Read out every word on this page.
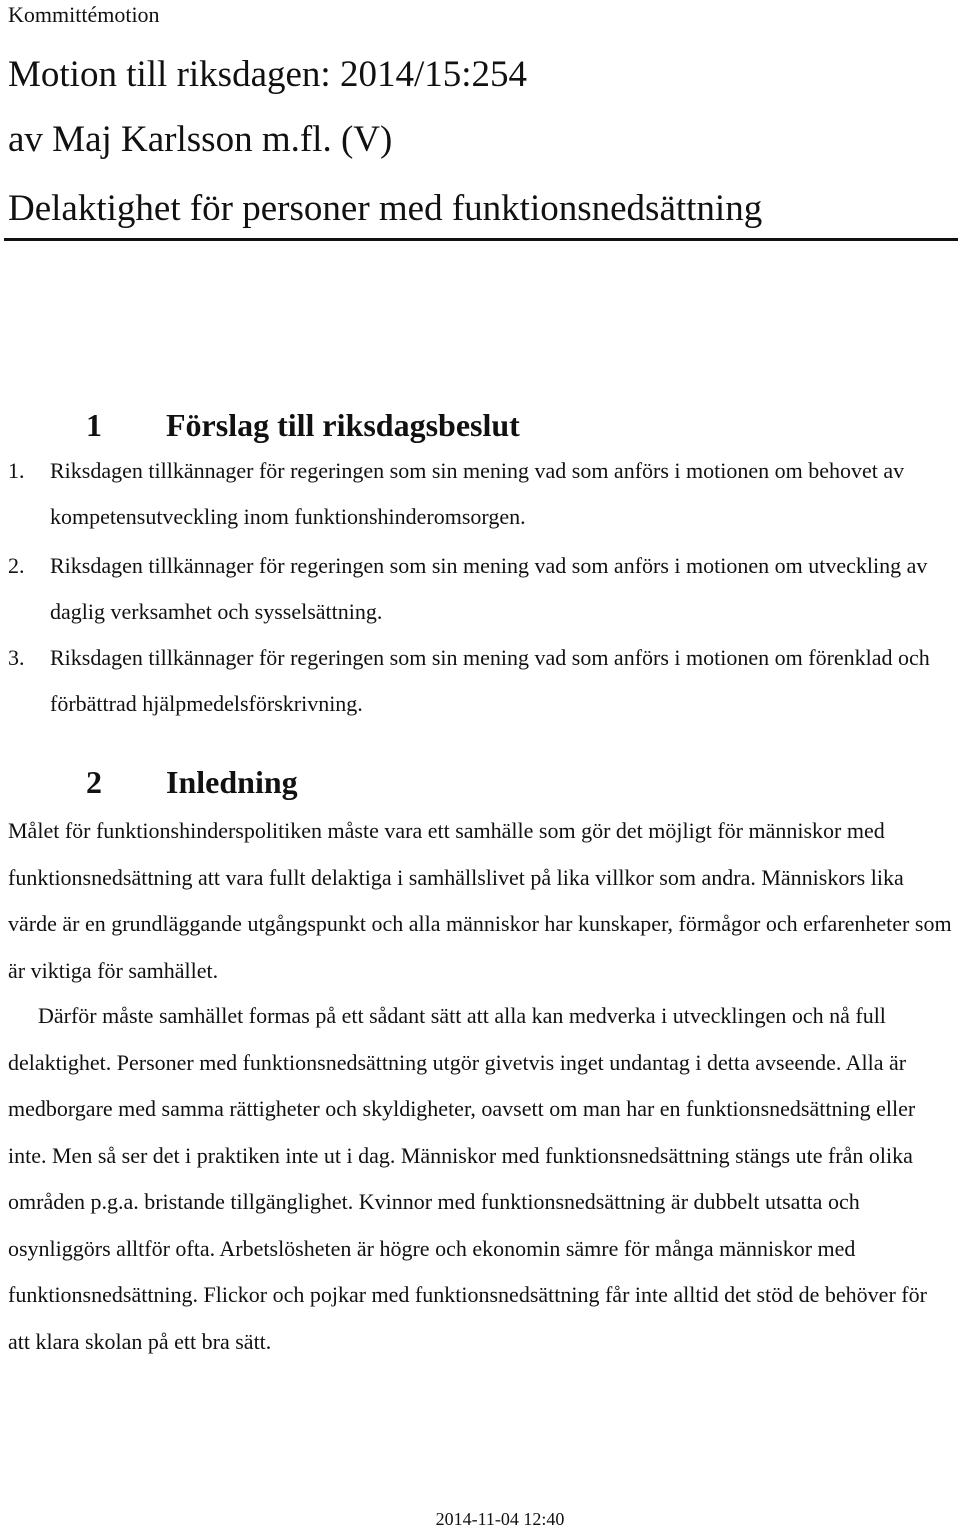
Kommittémotion
Motion till riksdagen: 2014/15:254
av Maj Karlsson m.fl. (V)
Delaktighet för personer med funktionsnedsättning
1 Förslag till riksdagsbeslut
1. Riksdagen tillkännager för regeringen som sin mening vad som anförs i motionen om behovet av kompetensutveckling inom funktionshinderomsorgen.
2. Riksdagen tillkännager för regeringen som sin mening vad som anförs i motionen om utveckling av daglig verksamhet och sysselsättning.
3. Riksdagen tillkännager för regeringen som sin mening vad som anförs i motionen om förenklad och förbättrad hjälpmedelsförskrivning.
2 Inledning
Målet för funktionshinderspolitiken måste vara ett samhälle som gör det möjligt för människor med funktionsnedsättning att vara fullt delaktiga i samhällslivet på lika villkor som andra. Människors lika värde är en grundläggande utgångspunkt och alla människor har kunskaper, förmågor och erfarenheter som är viktiga för samhället.
Därför måste samhället formas på ett sådant sätt att alla kan medverka i utvecklingen och nå full delaktighet. Personer med funktionsnedsättning utgör givetvis inget undantag i detta avseende. Alla är medborgare med samma rättigheter och skyldigheter, oavsett om man har en funktionsnedsättning eller inte. Men så ser det i praktiken inte ut i dag. Människor med funktionsnedsättning stängs ute från olika områden p.g.a. bristande tillgänglighet. Kvinnor med funktionsnedsättning är dubbelt utsatta och osynliggörs alltför ofta. Arbetslösheten är högre och ekonomin sämre för många människor med funktionsnedsättning. Flickor och pojkar med funktionsnedsättning får inte alltid det stöd de behöver för att klara skolan på ett bra sätt.
2014-11-04 12:40
